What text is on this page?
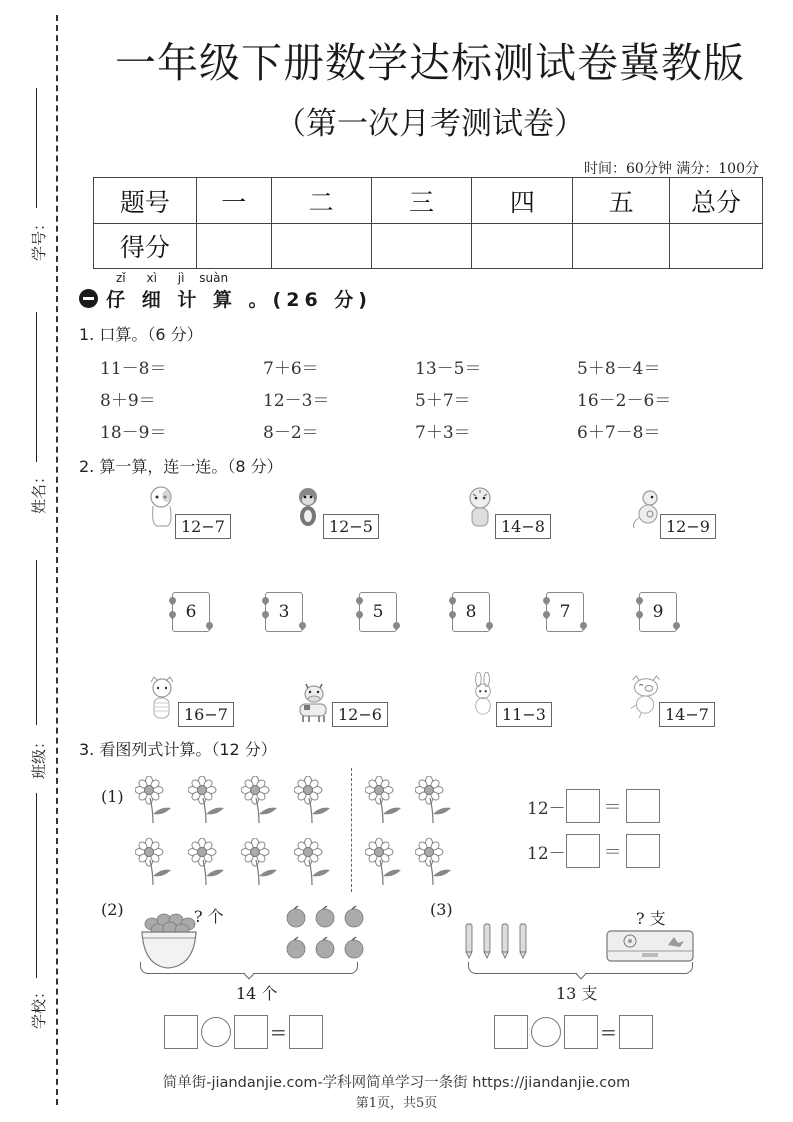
学号：
姓名：
班级：
学校：
一年级下册数学达标测试卷冀教版
（第一次月考测试卷）
时间：60分钟 满分：100分
题号	一	二	三	四	五	总分
得分						
zǐ xì jì suàn
仔 细 计 算 。(26 分)
1. 口算。（6 分）
11－8＝	7＋6＝	13－5＝	5＋8－4＝
8＋9＝	12－3＝	5＋7＝	16－2－6＝
18－9＝	8－2＝	7＋3＝	6＋7－8＝
2. 算一算，连一连。（8 分）
12−7	12−5	14−8	12−9
6	3	5	8	7	9
16−7	12−6	11−3	14−7
3. 看图列式计算。（12 分）
(1)
12－ ＝
12－ ＝
(2)	? 个
14 个
=
(3)	? 支
13 支
=
简单街-jiandanjie.com-学科网简单学习一条街 https://jiandanjie.com
第1页，共5页
